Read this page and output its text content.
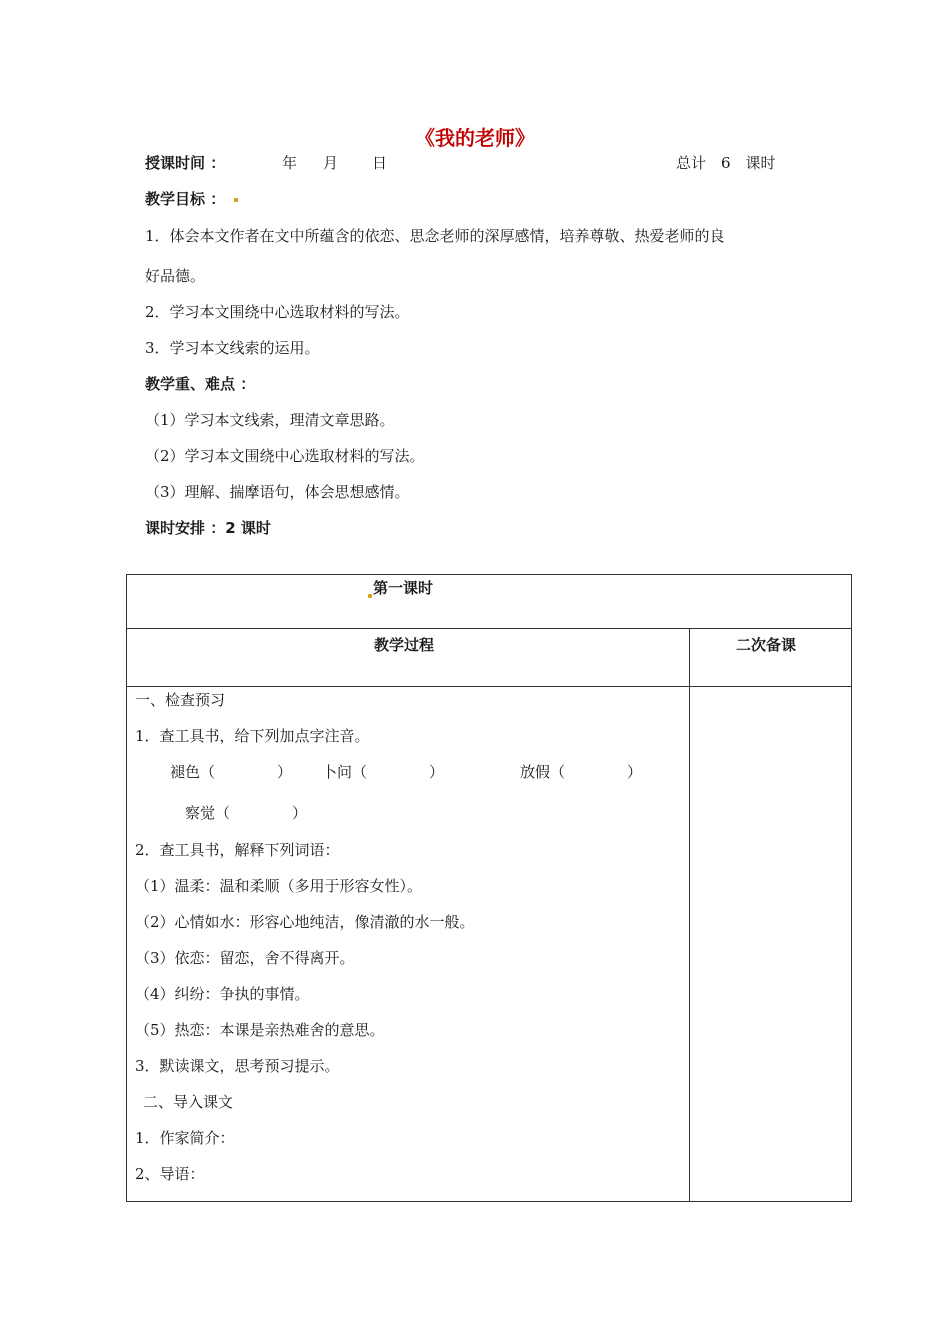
《我的老师》
授课时间 ：	年 月 日	总计　6　课时
教学目标 ：
1．体会本文作者在文中所蕴含的依恋、思念老师的深厚感情，培养尊敬、热爱老师的良
好品德。
2．学习本文围绕中心选取材料的写法。
3．学习本文线索的运用。
教学重、难点 ：
（1）学习本文线索，理清文章思路。
（2）学习本文围绕中心选取材料的写法。
（3）理解、揣摩语句，体会思想感情。
课时安排 ：2 课时
第一课时
教学过程	二次备课
一、检查预习
1．查工具书，给下列加点字注音。
褪色（	） 卜问（	）	放假（	）
察觉（	）
2．查工具书，解释下列词语：
（1）温柔：温和柔顺（多用于形容女性）。
（2）心情如水：形容心地纯洁，像清澈的水一般。
（3）依恋：留恋，舍不得离开。
（4）纠纷：争执的事情。
（5）热恋：本课是亲热难舍的意思。
3．默读课文，思考预习提示。
二、导入课文
1．作家简介：
2、导语：
